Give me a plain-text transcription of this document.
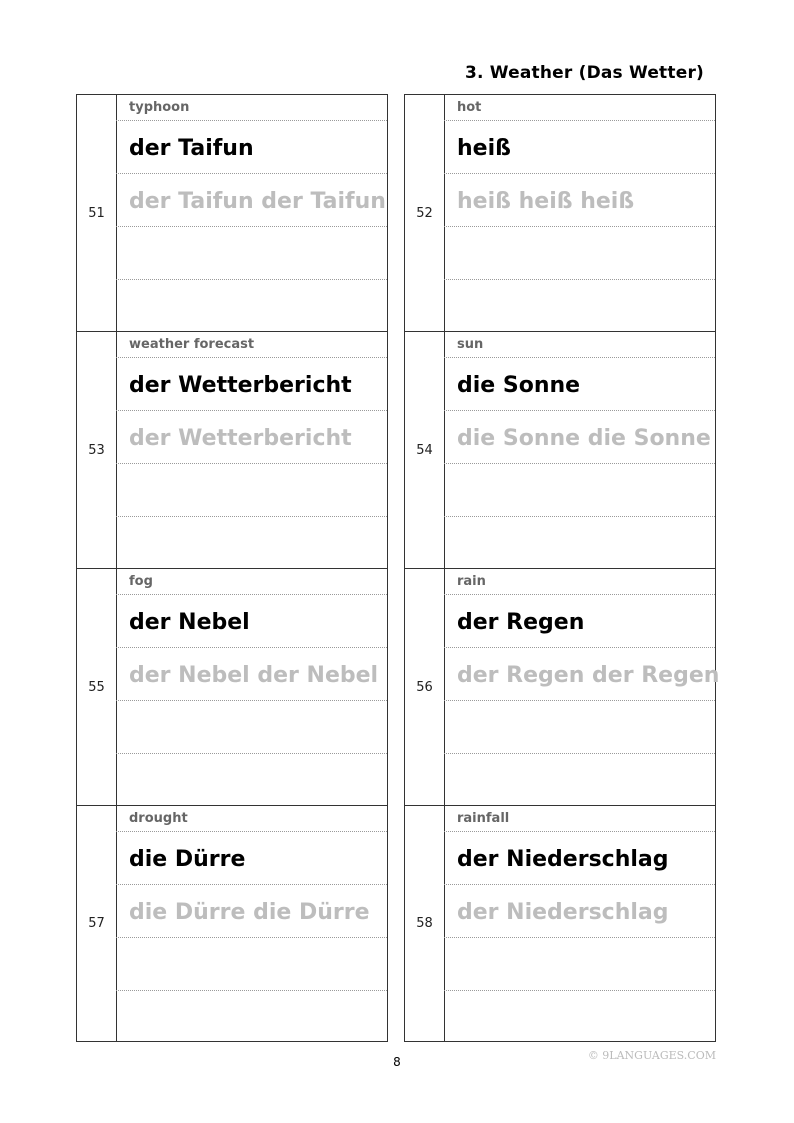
3. Weather (Das Wetter)
51
typhoon
der Taifun
der Taifun der Taifun
53
weather forecast
der Wetterbericht
der Wetterbericht
55
fog
der Nebel
der Nebel der Nebel
57
drought
die Dürre
die Dürre die Dürre
52
hot
heiß
heiß heiß heiß
54
sun
die Sonne
die Sonne die Sonne
56
rain
der Regen
der Regen der Regen
58
rainfall
der Niederschlag
der Niederschlag
8	© 9LANGUAGES.COM
